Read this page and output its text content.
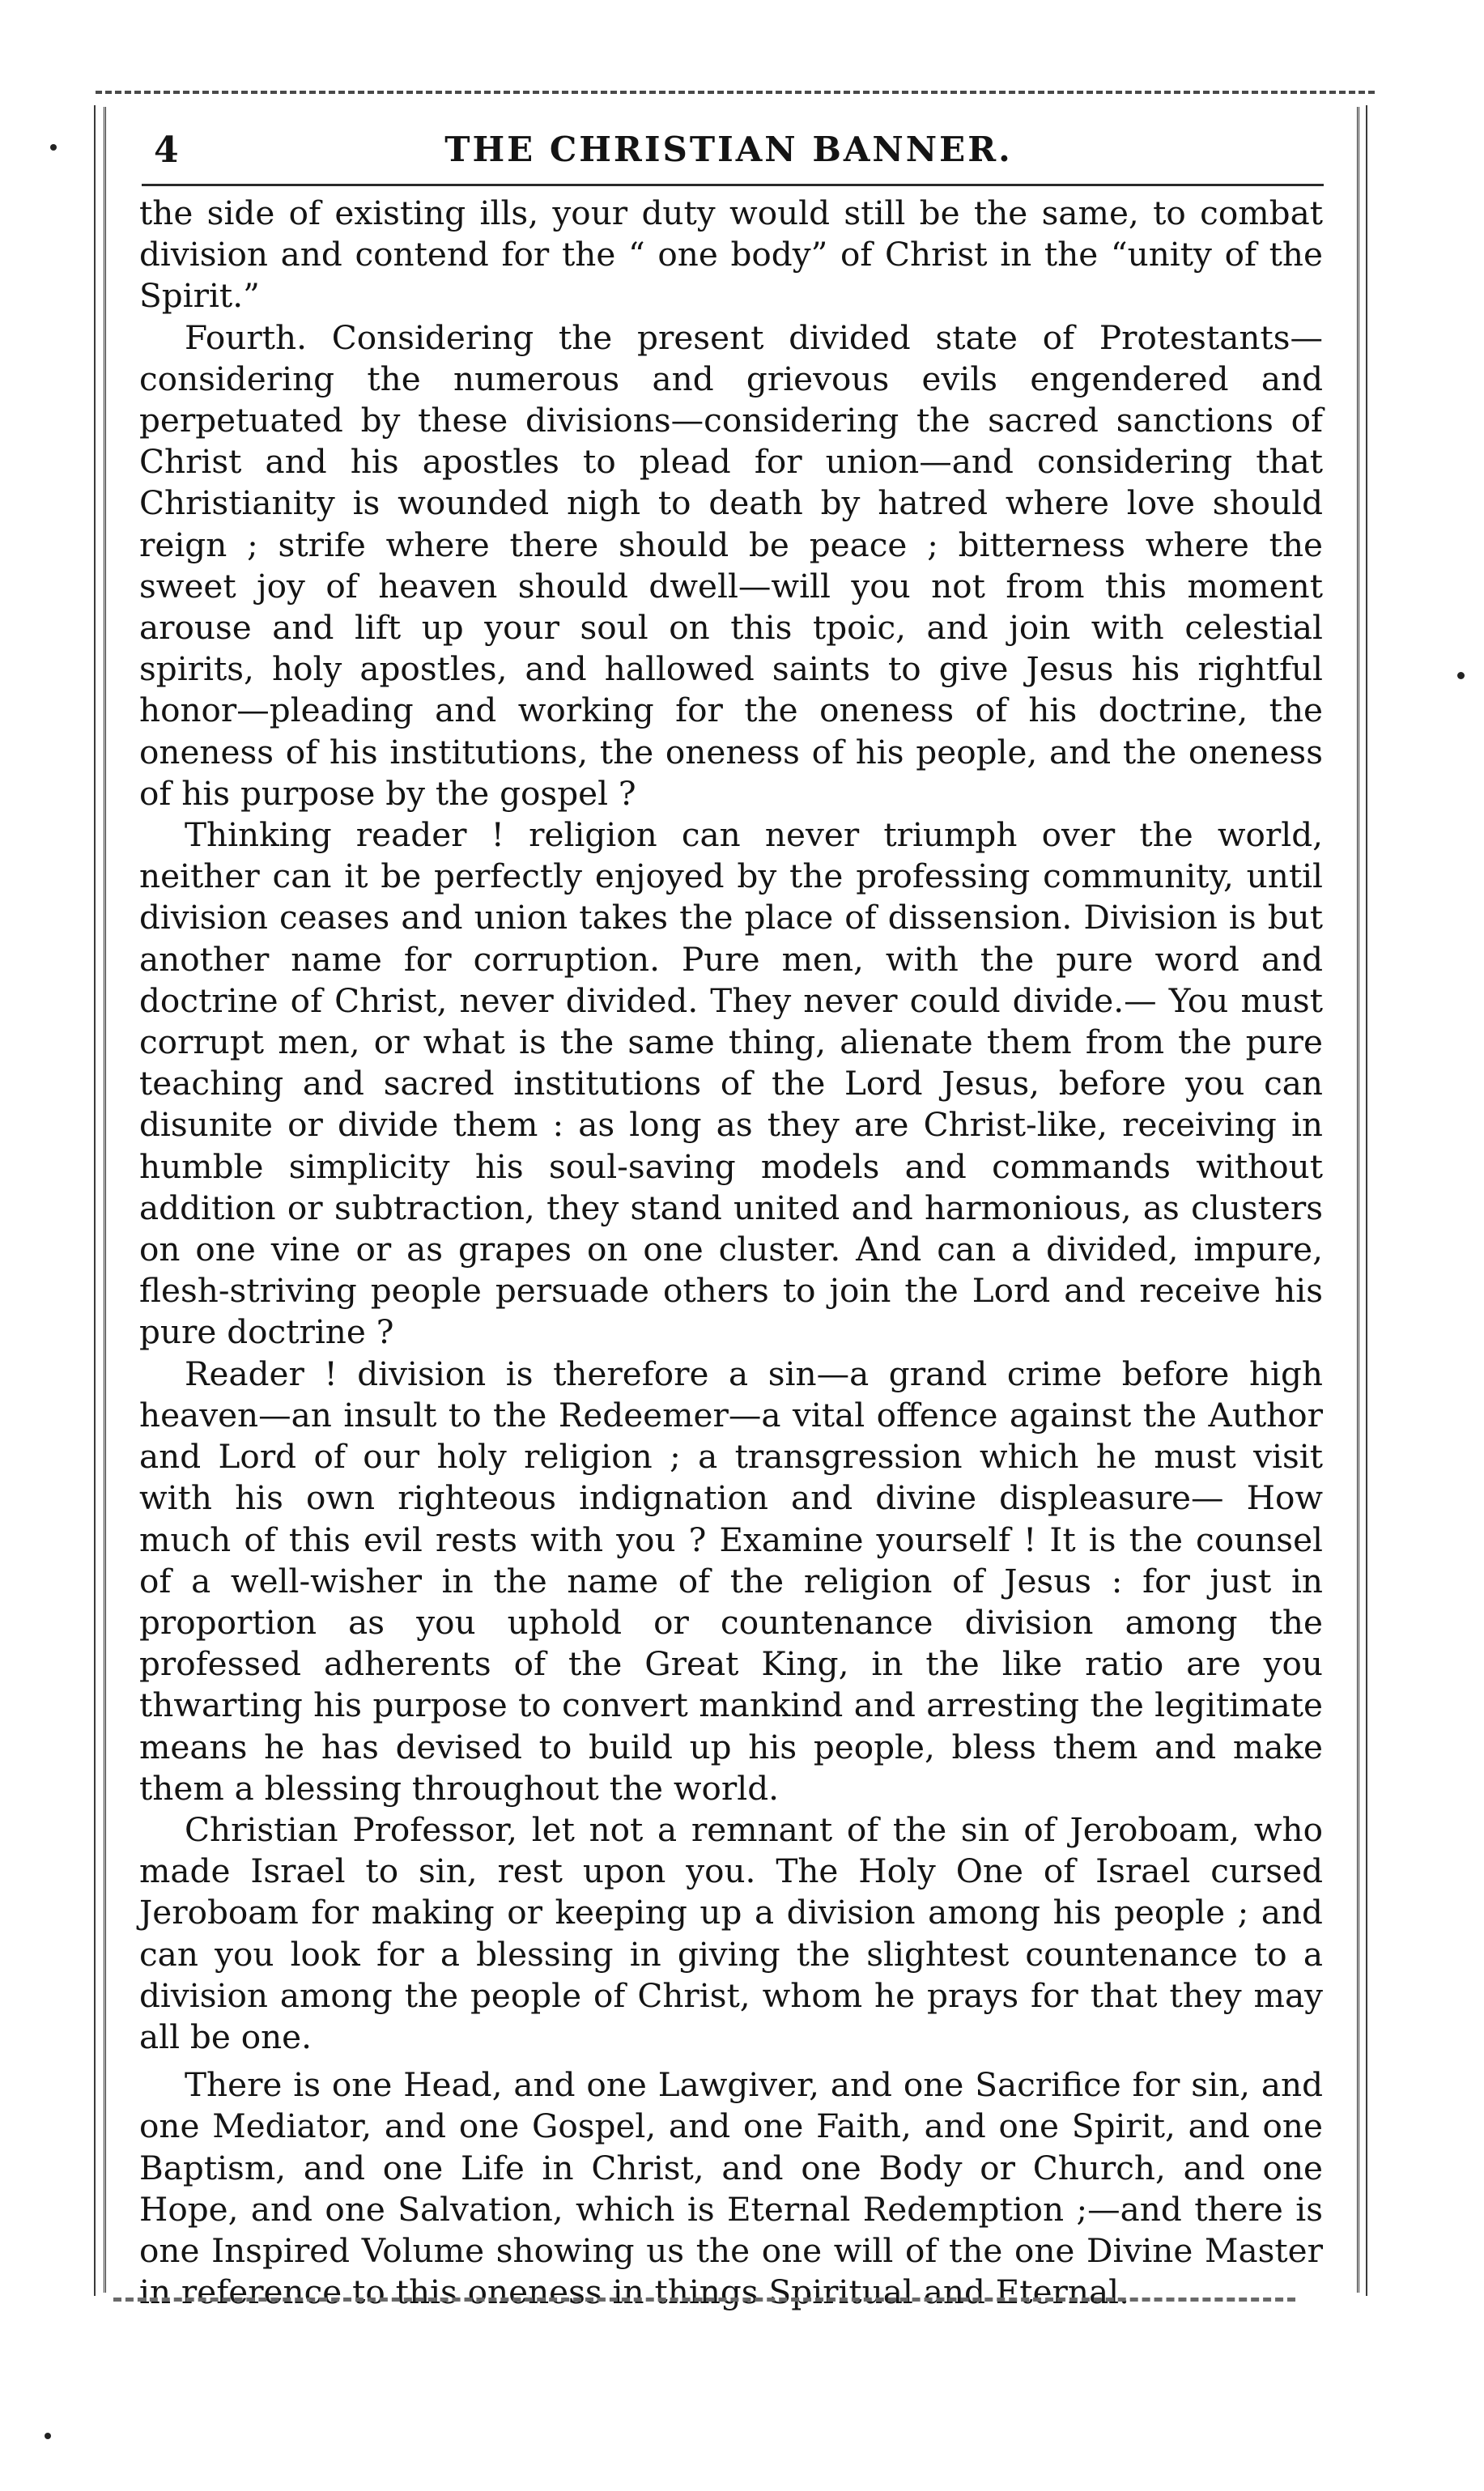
4	THE CHRISTIAN BANNER.

the side of existing ills, your duty would still be the same, to combat division and contend for the “ one body” of Christ in the “unity of the Spirit.”

Fourth. Considering the present divided state of Protestants—considering the numerous and grievous evils engendered and perpetuated by these divisions—considering the sacred sanctions of Christ and his apostles to plead for union—and considering that Christianity is wounded nigh to death by hatred where love should reign ; strife where there should be peace ; bitterness where the sweet joy of heaven should dwell—will you not from this moment arouse and lift up your soul on this tpoic, and join with celestial spirits, holy apostles, and hallowed saints to give Jesus his rightful honor—pleading and working for the oneness of his doctrine, the oneness of his institutions, the oneness of his people, and the oneness of his purpose by the gospel ?

Thinking reader ! religion can never triumph over the world, neither can it be perfectly enjoyed by the professing community, until division ceases and union takes the place of dissension. Division is but another name for corruption. Pure men, with the pure word and doctrine of Christ, never divided. They never could divide.— You must corrupt men, or what is the same thing, alienate them from the pure teaching and sacred institutions of the Lord Jesus, before you can disunite or divide them : as long as they are Christ-like, receiving in humble simplicity his soul-saving models and commands without addition or subtraction, they stand united and harmonious, as clusters on one vine or as grapes on one cluster. And can a divided, impure, flesh-striving people persuade others to join the Lord and receive his pure doctrine ?

Reader ! division is therefore a sin—a grand crime before high heaven—an insult to the Redeemer—a vital offence against the Author and Lord of our holy religion ; a transgression which he must visit with his own righteous indignation and divine displeasure— How much of this evil rests with you ? Examine yourself ! It is the counsel of a well-wisher in the name of the religion of Jesus : for just in proportion as you uphold or countenance division among the professed adherents of the Great King, in the like ratio are you thwarting his purpose to convert mankind and arresting the legitimate means he has devised to build up his people, bless them and make them a blessing throughout the world.

Christian Professor, let not a remnant of the sin of Jeroboam, who made Israel to sin, rest upon you. The Holy One of Israel cursed Jeroboam for making or keeping up a division among his people ; and can you look for a blessing in giving the slightest countenance to a division among the people of Christ, whom he prays for that they may all be one.

There is one Head, and one Lawgiver, and one Sacrifice for sin, and one Mediator, and one Gospel, and one Faith, and one Spirit, and one Baptism, and one Life in Christ, and one Body or Church, and one Hope, and one Salvation, which is Eternal Redemption ;—and there is one Inspired Volume showing us the one will of the one Divine Master in reference to this oneness in things Spiritual and Eternal.
